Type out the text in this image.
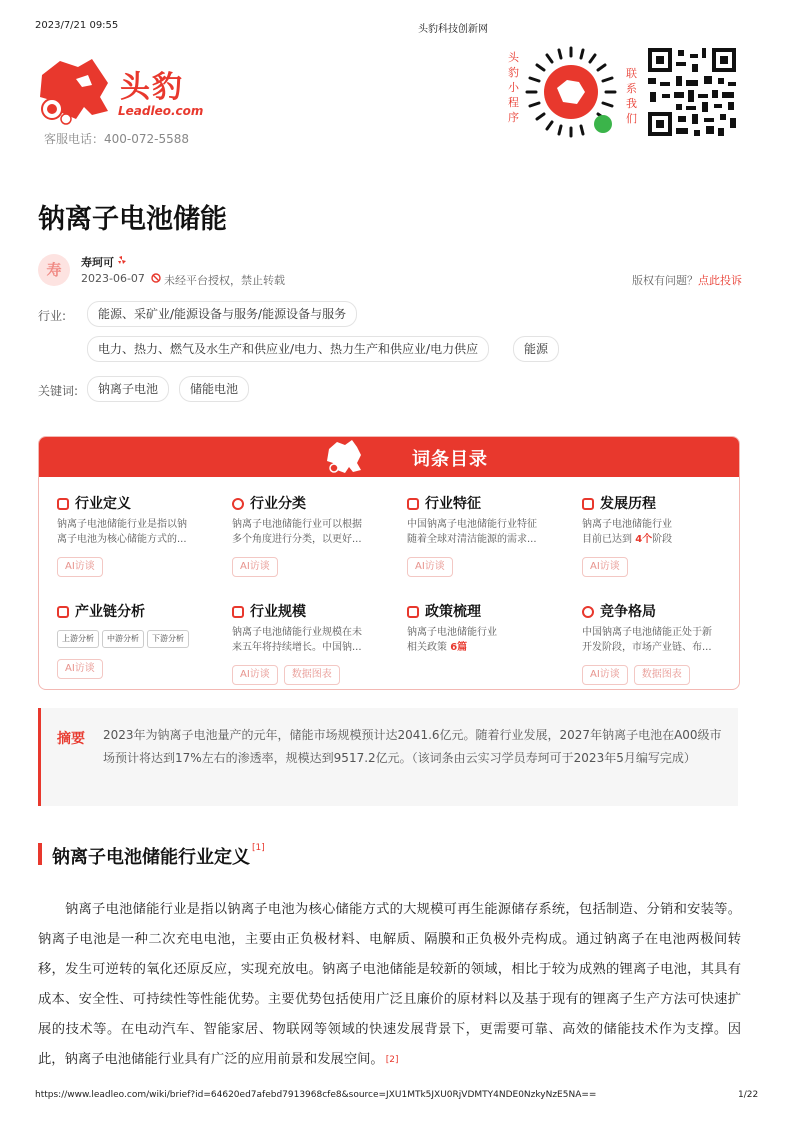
2023/7/21 09:55	头豹科技创新网
头豹
Leadleo.com
客服电话：400-072-5588
头豹小程序
联系我们
钠离子电池储能
寿	寿珂可
2023-06-07 未经平台授权，禁止转载	版权有问题？点此投诉
行业:	能源、采矿业/能源设备与服务/能源设备与服务
电力、热力、燃气及水生产和供应业/电力、热力生产和供应业/电力供应	能源
关键词:	钠离子电池	储能电池
词条目录
行业定义
钠离子电池储能行业是指以钠
离子电池为核心储能方式的...
AI访谈
行业分类
钠离子电池储能行业可以根据
多个角度进行分类，以更好...
AI访谈
行业特征
中国钠离子电池储能行业特征
随着全球对清洁能源的需求...
AI访谈
发展历程
钠离子电池储能行业
目前已达到 4个阶段
AI访谈
产业链分析
上游分析 中游分析 下游分析
AI访谈
行业规模
钠离子电池储能行业规模在未
来五年将持续增长。中国钠...
AI访谈 数据图表
政策梳理
钠离子电池储能行业
相关政策 6篇
竞争格局
中国钠离子电池储能正处于新
开发阶段，市场产业链、布...
AI访谈 数据图表
摘要 2023年为钠离子电池量产的元年，储能市场规模预计达2041.6亿元。随着行业发展，2027年钠离子电池在A00级市场预计将达到17%左右的渗透率，规模达到9517.2亿元。（该词条由云实习学员寿珂可于2023年5月编写完成）
钠离子电池储能行业定义 [1]
钠离子电池储能行业是指以钠离子电池为核心储能方式的大规模可再生能源储存系统，包括制造、分销和安装等。钠离子电池是一种二次充电电池，主要由正负极材料、电解质、隔膜和正负极外壳构成。通过钠离子在电池两极间转移，发生可逆转的氧化还原反应，实现充放电。钠离子电池储能是较新的领域，相比于较为成熟的锂离子电池，其具有成本、安全性、可持续性等性能优势。主要优势包括使用广泛且廉价的原材料以及基于现有的锂离子生产方法可快速扩展的技术等。在电动汽车、智能家居、物联网等领域的快速发展背景下，更需要可靠、高效的储能技术作为支撑。因此，钠离子电池储能行业具有广泛的应用前景和发展空间。 [2]
https://www.leadleo.com/wiki/brief?id=64620ed7afebd7913968cfe8&source=JXU1MTk5JXU0RjVDMTY4NDE0NzkyNzE5NA==	1/22
